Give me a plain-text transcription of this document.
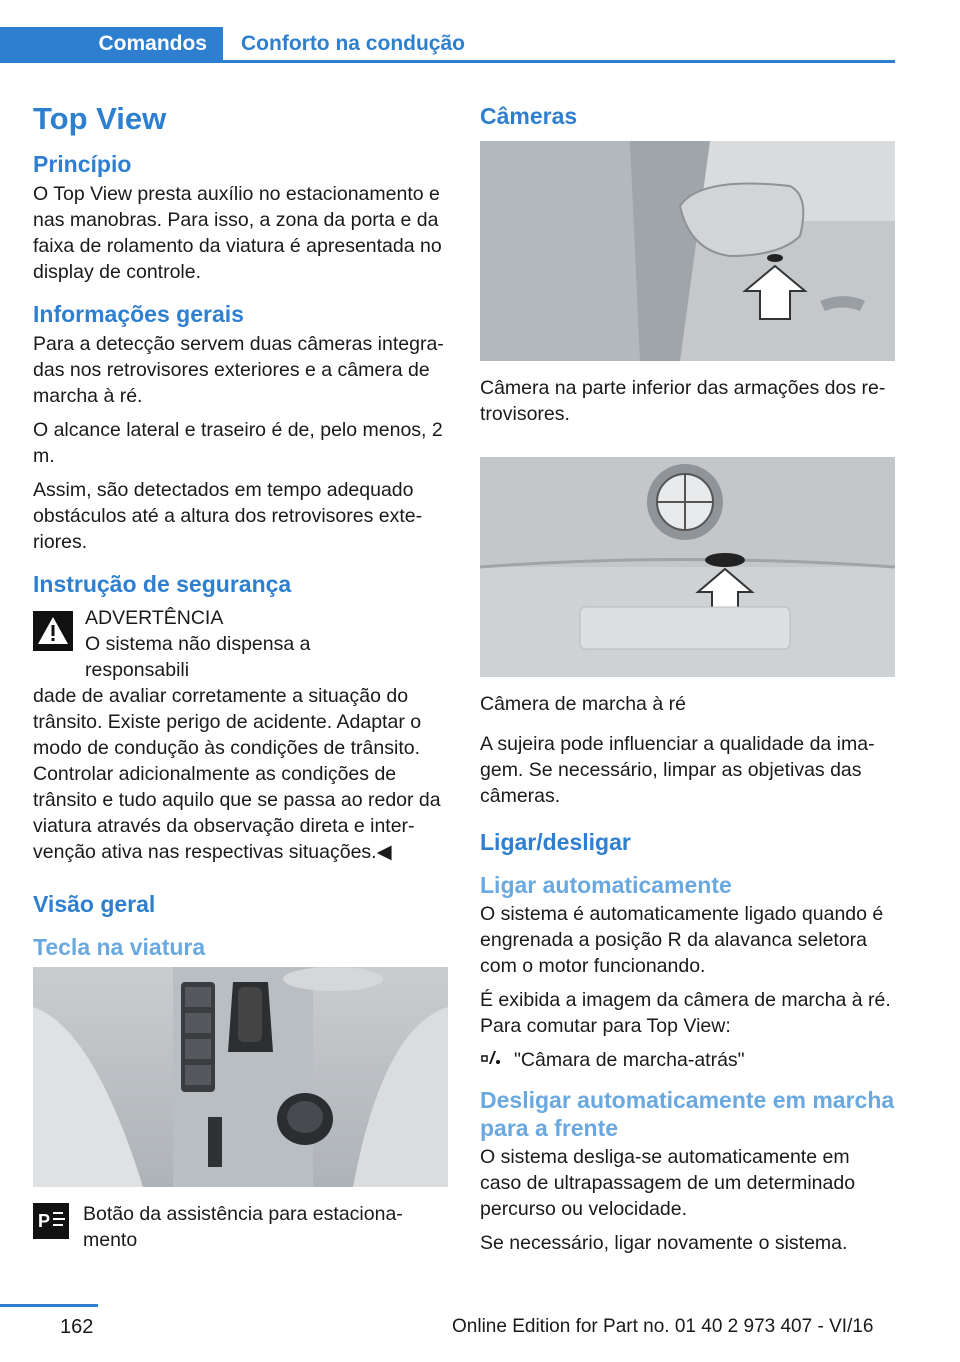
Comandos	Conforto na condução
Top View
Princípio

O Top View presta auxílio no estacionamento e nas manobras. Para isso, a zona da porta e da faixa de rolamento da viatura é apresentada no display de controle.

Informações gerais

Para a detecção servem duas câmeras integradas nos retrovisores exteriores e a câmera de marcha à ré.

O alcance lateral e traseiro é de, pelo menos, 2 m.

Assim, são detectados em tempo adequado obstáculos até a altura dos retrovisores exteriores.

Instrução de segurança
ADVERTÊNCIA
O sistema não dispensa a responsabili

dade de avaliar corretamente a situação do trânsito. Existe perigo de acidente. Adaptar o modo de condução às condições de trânsito. Controlar adicionalmente as condições de trânsito e tudo aquilo que se passa ao redor da viatura através da observação direta e intervenção ativa nas respectivas situações.◀

Visão geral
Tecla na viatura
P Botão da assistência para estacionamento

Câmeras

Câmera na parte inferior das armações dos retrovisores.

Câmera de marcha à ré

A sujeira pode influenciar a qualidade da imagem. Se necessário, limpar as objetivas das câmeras.

Ligar/desligar
Ligar automaticamente

O sistema é automaticamente ligado quando é engrenada a posição R da alavanca seletora com o motor funcionando.

É exibida a imagem da câmera de marcha à ré. Para comutar para Top View:

"Câmara de marcha-atrás"
Desligar automaticamente em marcha para a frente

O sistema desliga-se automaticamente em caso de ultrapassagem de um determinado percurso ou velocidade.

Se necessário, ligar novamente o sistema.

162	Online Edition for Part no. 01 40 2 973 407 - VI/16
